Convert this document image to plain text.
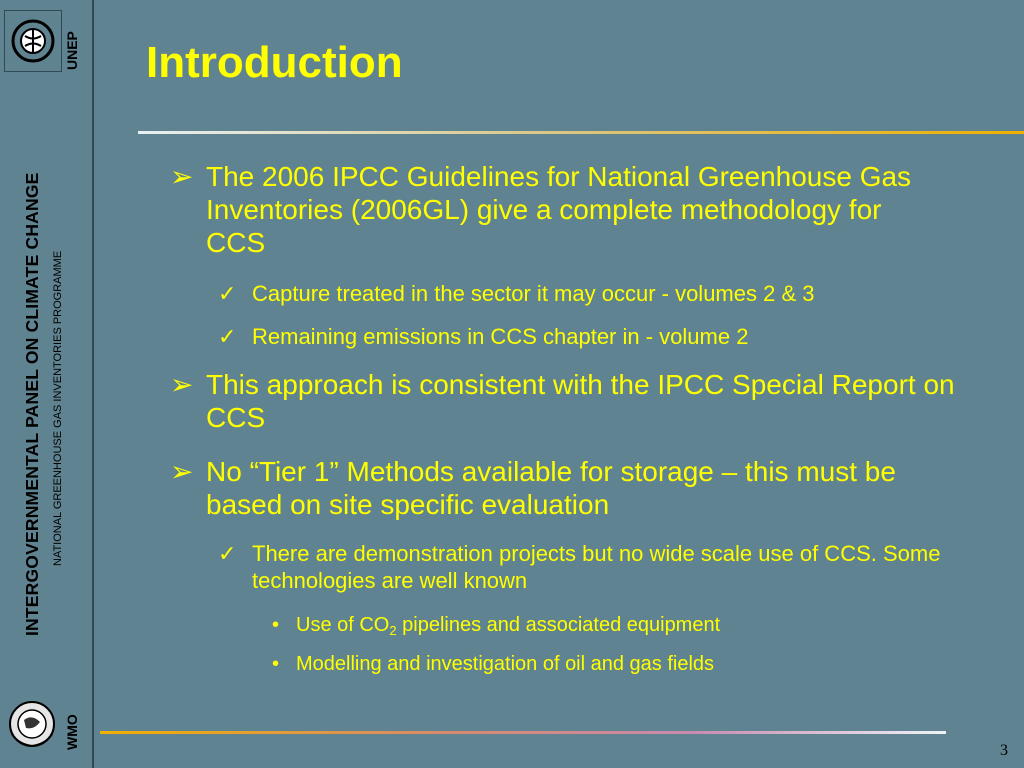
UNEP
INTERGOVERNMENTAL PANEL ON CLIMATE CHANGE NATIONAL GREENHOUSE GAS INVENTORIES PROGRAMME
WMO
Introduction
➢ The 2006 IPCC Guidelines for National Greenhouse Gas Inventories (2006GL) give a complete methodology for CCS
✓ Capture treated in the sector it may occur - volumes 2 & 3
✓ Remaining emissions in CCS chapter in - volume 2
➢ This approach is consistent with the IPCC Special Report on CCS
➢ No “Tier 1” Methods available for storage – this must be based on site specific evaluation
✓ There are demonstration projects but no wide scale use of CCS. Some technologies are well known
• Use of $CO_2$ pipelines and associated equipment
• Modelling and investigation of oil and gas fields
3
